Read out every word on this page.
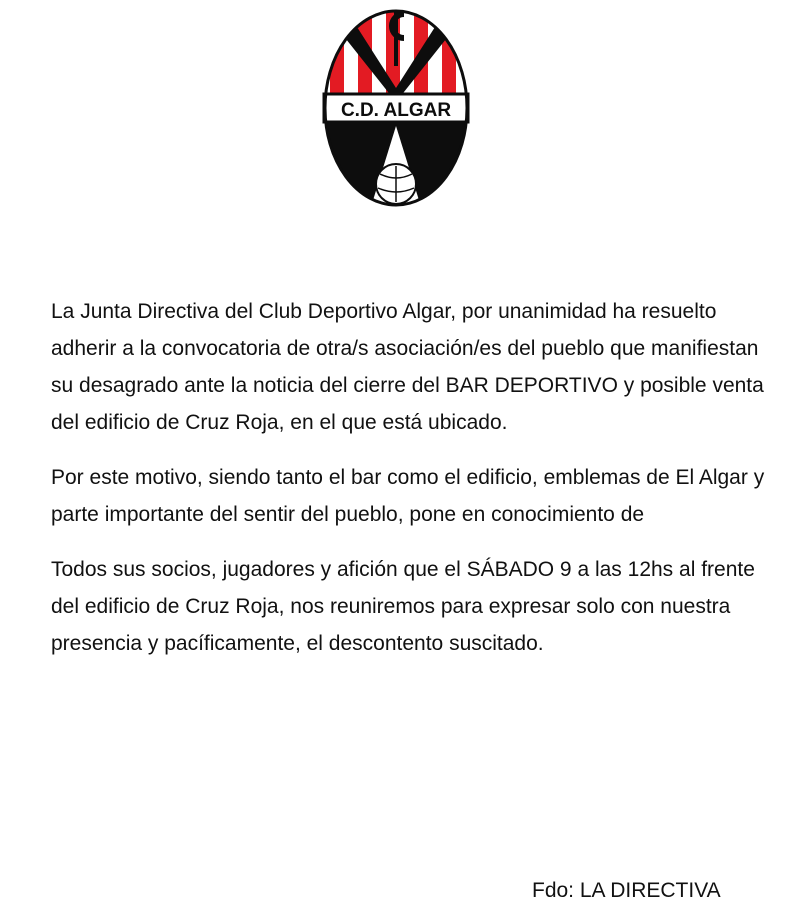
C.D. ALGAR

La Junta Directiva del Club Deportivo Algar, por unanimidad ha resuelto adherir a la convocatoria de otra/s asociación/es del pueblo que manifiestan su desagrado ante la noticia del cierre del BAR DEPORTIVO y posible venta del edificio de Cruz Roja, en el que está ubicado.

Por este motivo, siendo tanto el bar como el edificio, emblemas de El Algar y parte importante del sentir del pueblo, pone en conocimiento de

Todos sus socios, jugadores y afición que el SÁBADO 9 a las 12hs al frente del edificio de Cruz Roja, nos reuniremos para expresar solo con nuestra presencia y pacíficamente, el descontento suscitado.

Fdo: LA DIRECTIVA
